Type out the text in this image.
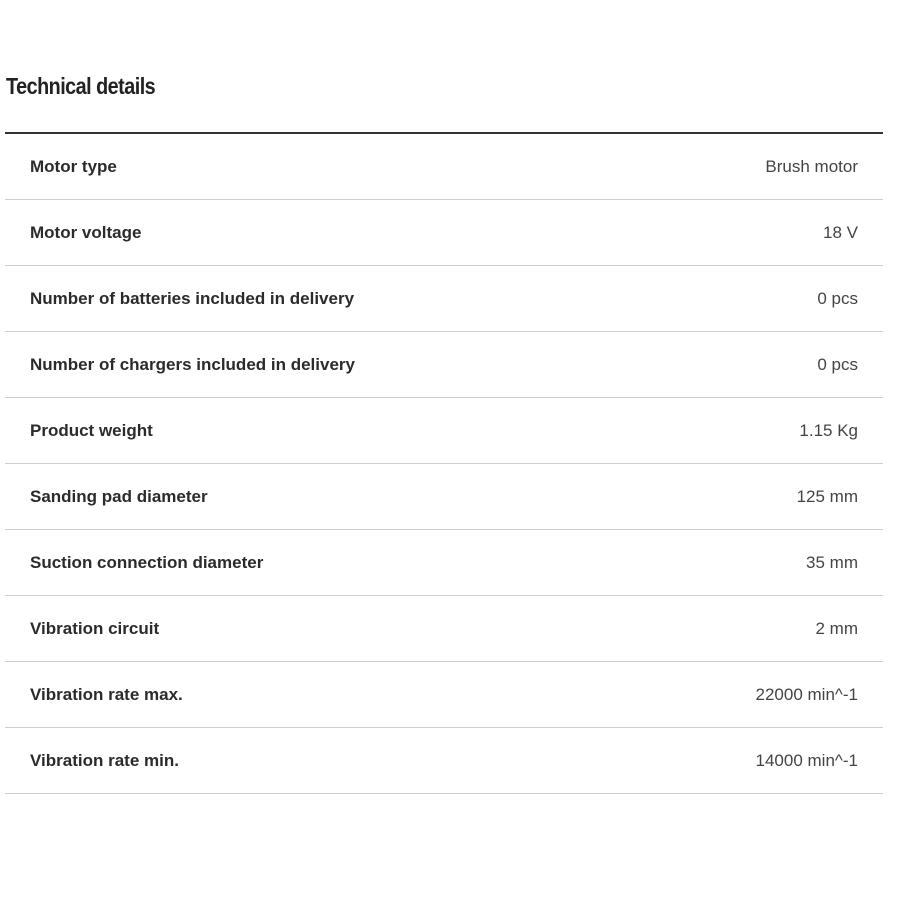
Technical details
Motor type	Brush motor
Motor voltage	18 V
Number of batteries included in delivery	0 pcs
Number of chargers included in delivery	0 pcs
Product weight	1.15 Kg
Sanding pad diameter	125 mm
Suction connection diameter	35 mm
Vibration circuit	2 mm
Vibration rate max.	22000 min^-1
Vibration rate min.	14000 min^-1
